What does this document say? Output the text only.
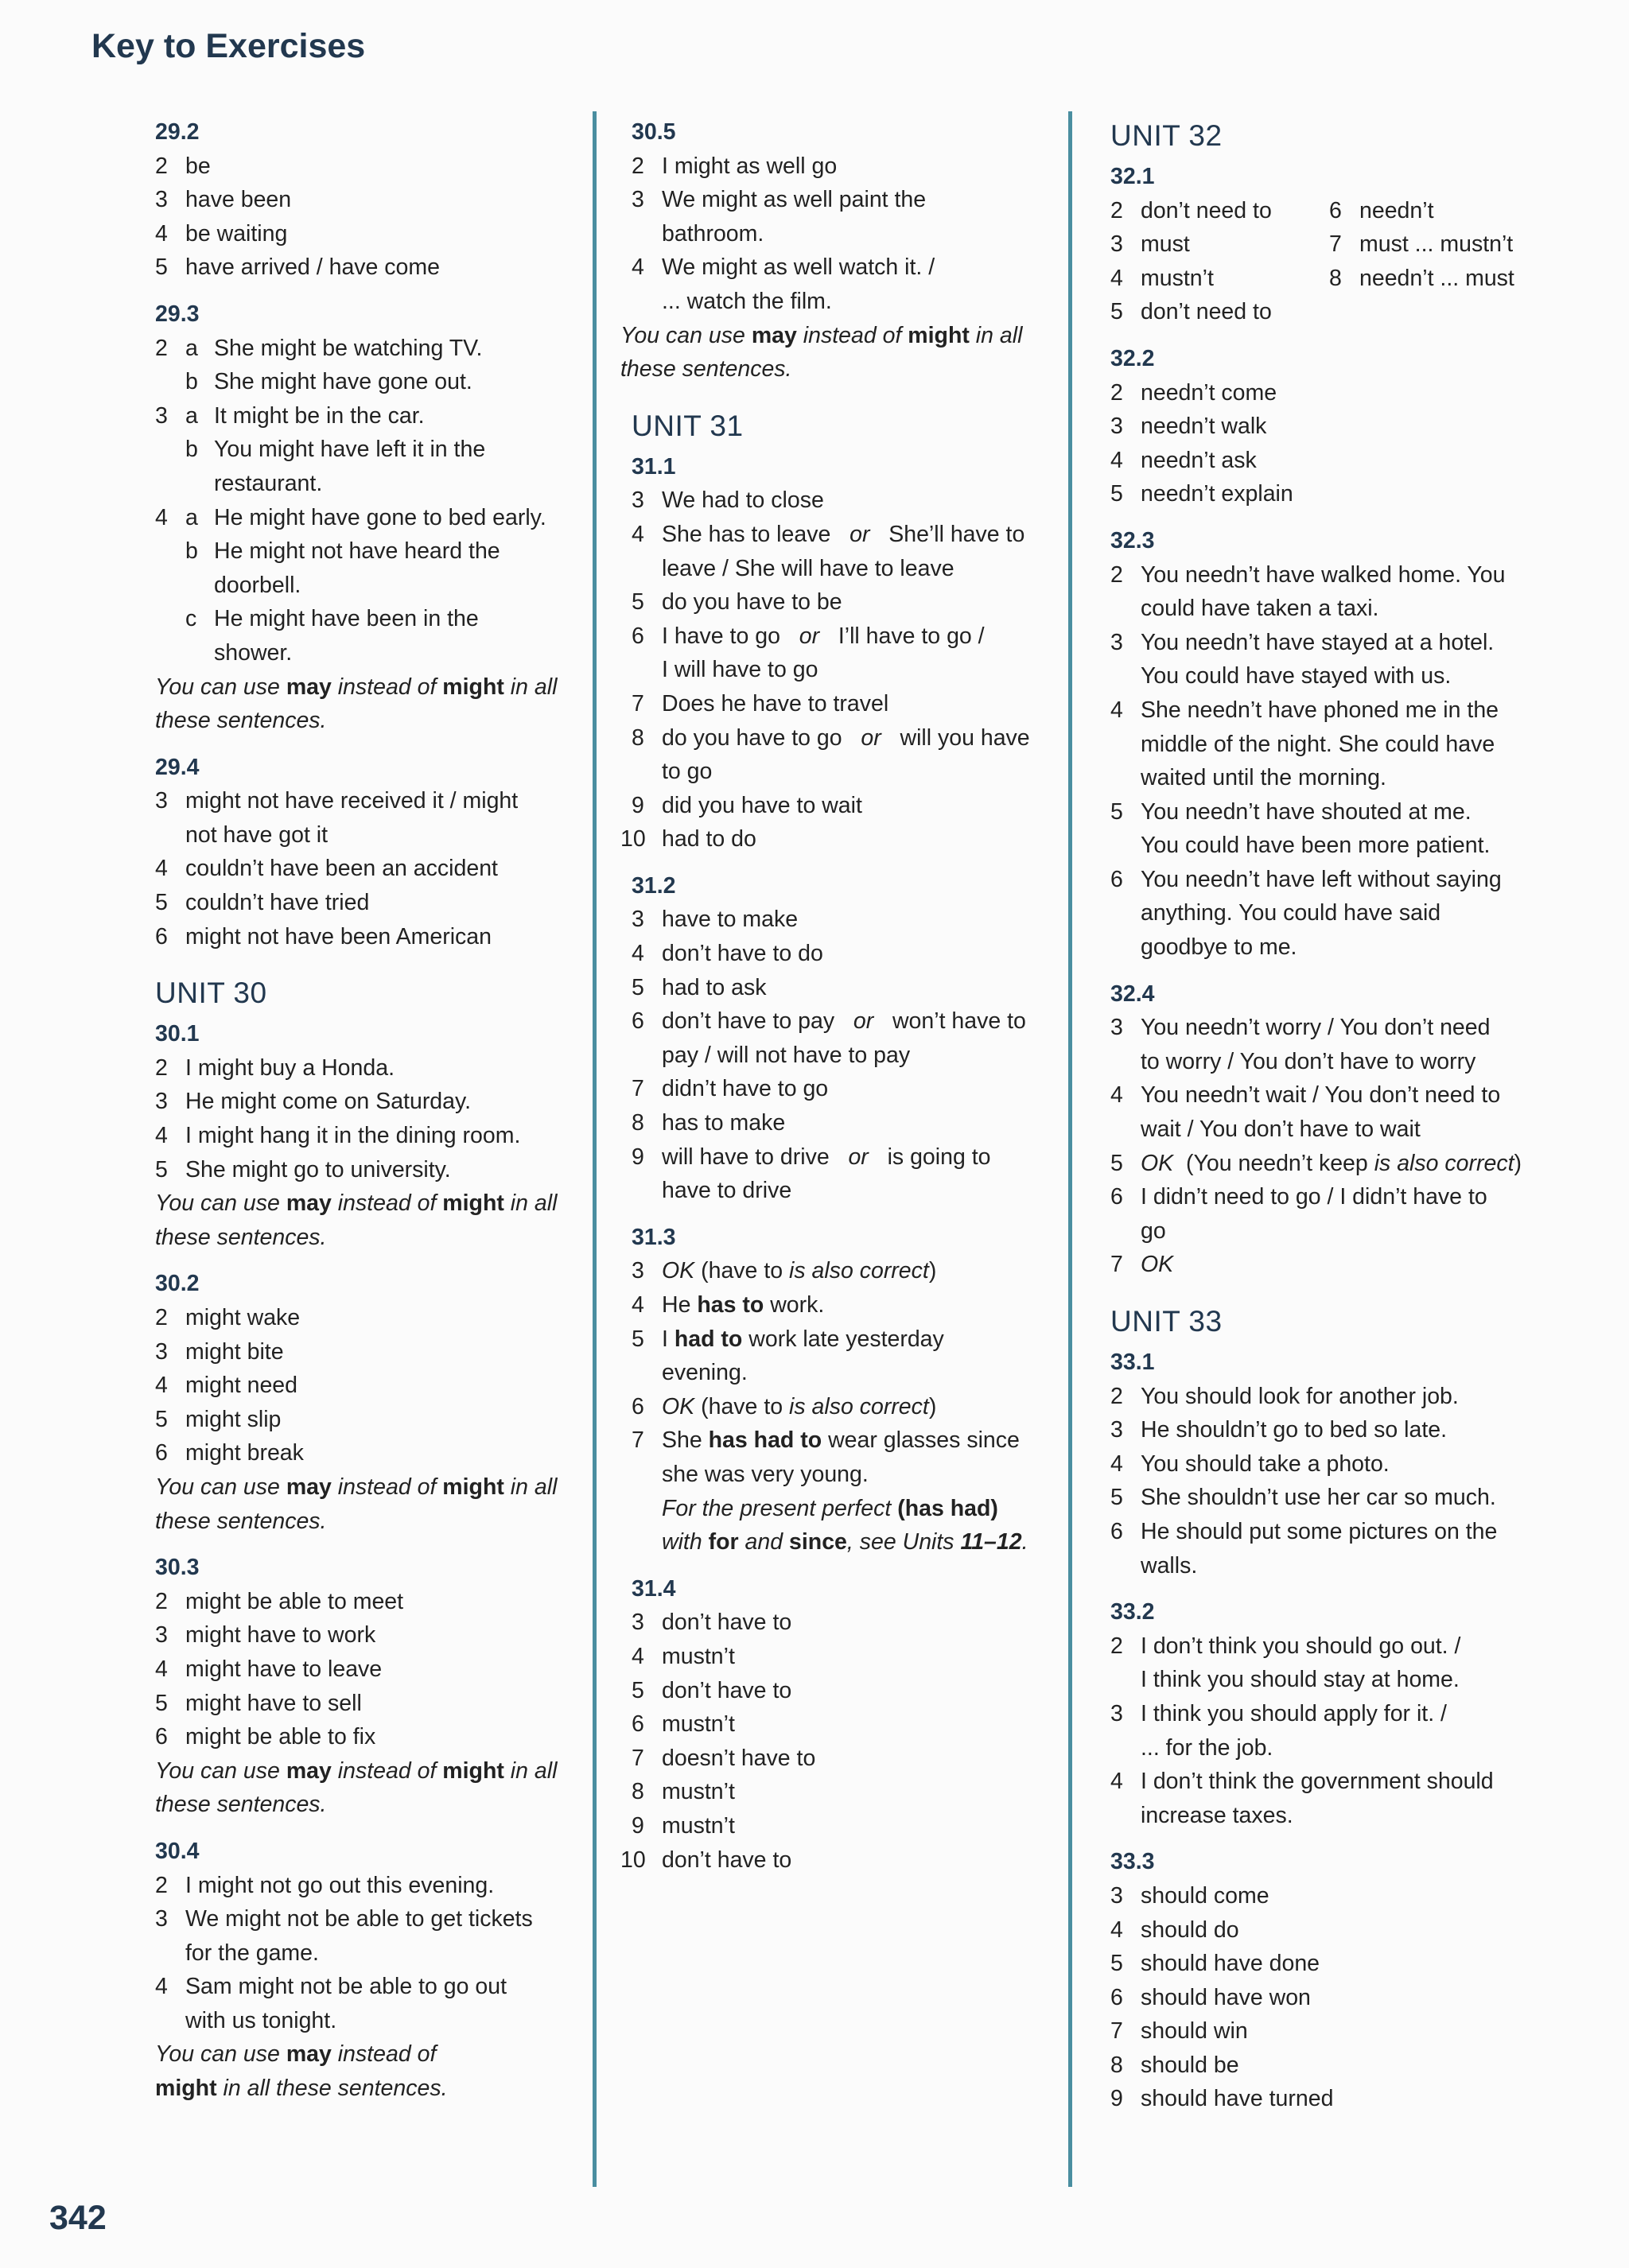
Key to Exercises
29.2
2 be
3 have been
4 be waiting
5 have arrived / have come
29.3
2 a She might be watching TV.
b She might have gone out.
3 a It might be in the car.
b You might have left it in the
restaurant.
4 a He might have gone to bed early.
b He might not have heard the
doorbell.
c He might have been in the
shower.
You can use may instead of might in all
these sentences.
29.4
3 might not have received it / might
not have got it
4 couldn’t have been an accident
5 couldn’t have tried
6 might not have been American
UNIT 30
30.1
2 I might buy a Honda.
3 He might come on Saturday.
4 I might hang it in the dining room.
5 She might go to university.
You can use may instead of might in all
these sentences.
30.2
2 might wake
3 might bite
4 might need
5 might slip
6 might break
You can use may instead of might in all
these sentences.
30.3
2 might be able to meet
3 might have to work
4 might have to leave
5 might have to sell
6 might be able to fix
You can use may instead of might in all
these sentences.
30.4
2 I might not go out this evening.
3 We might not be able to get tickets
for the game.
4 Sam might not be able to go out
with us tonight.
You can use may instead of
might in all these sentences.
30.5
2 I might as well go
3 We might as well paint the
bathroom.
4 We might as well watch it. /
... watch the film.
You can use may instead of might in all
these sentences.
UNIT 31
31.1
3 We had to close
4 She has to leave or She’ll have to
leave / She will have to leave
5 do you have to be
6 I have to go or I’ll have to go /
I will have to go
7 Does he have to travel
8 do you have to go or will you have
to go
9 did you have to wait
10 had to do
31.2
3 have to make
4 don’t have to do
5 had to ask
6 don’t have to pay or won’t have to
pay / will not have to pay
7 didn’t have to go
8 has to make
9 will have to drive or is going to
have to drive
31.3
3 OK (have to is also correct)
4 He has to work.
5 I had to work late yesterday
evening.
6 OK (have to is also correct)
7 She has had to wear glasses since
she was very young.
For the present perfect (has had)
with for and since, see Units 11–12.
31.4
3 don’t have to
4 mustn’t
5 don’t have to
6 mustn’t
7 doesn’t have to
8 mustn’t
9 mustn’t
10 don’t have to
UNIT 32
32.1
2 don’t need to	6 needn’t
3 must	7 must ... mustn’t
4 mustn’t	8 needn’t ... must
5 don’t need to
32.2
2 needn’t come
3 needn’t walk
4 needn’t ask
5 needn’t explain
32.3
2 You needn’t have walked home. You
could have taken a taxi.
3 You needn’t have stayed at a hotel.
You could have stayed with us.
4 She needn’t have phoned me in the
middle of the night. She could have
waited until the morning.
5 You needn’t have shouted at me.
You could have been more patient.
6 You needn’t have left without saying
anything. You could have said
goodbye to me.
32.4
3 You needn’t worry / You don’t need
to worry / You don’t have to worry
4 You needn’t wait / You don’t need to
wait / You don’t have to wait
5 OK (You needn’t keep is also correct)
6 I didn’t need to go / I didn’t have to
go
7 OK
UNIT 33
33.1
2 You should look for another job.
3 He shouldn’t go to bed so late.
4 You should take a photo.
5 She shouldn’t use her car so much.
6 He should put some pictures on the
walls.
33.2
2 I don’t think you should go out. /
I think you should stay at home.
3 I think you should apply for it. /
... for the job.
4 I don’t think the government should
increase taxes.
33.3
3 should come
4 should do
5 should have done
6 should have won
7 should win
8 should be
9 should have turned
342
